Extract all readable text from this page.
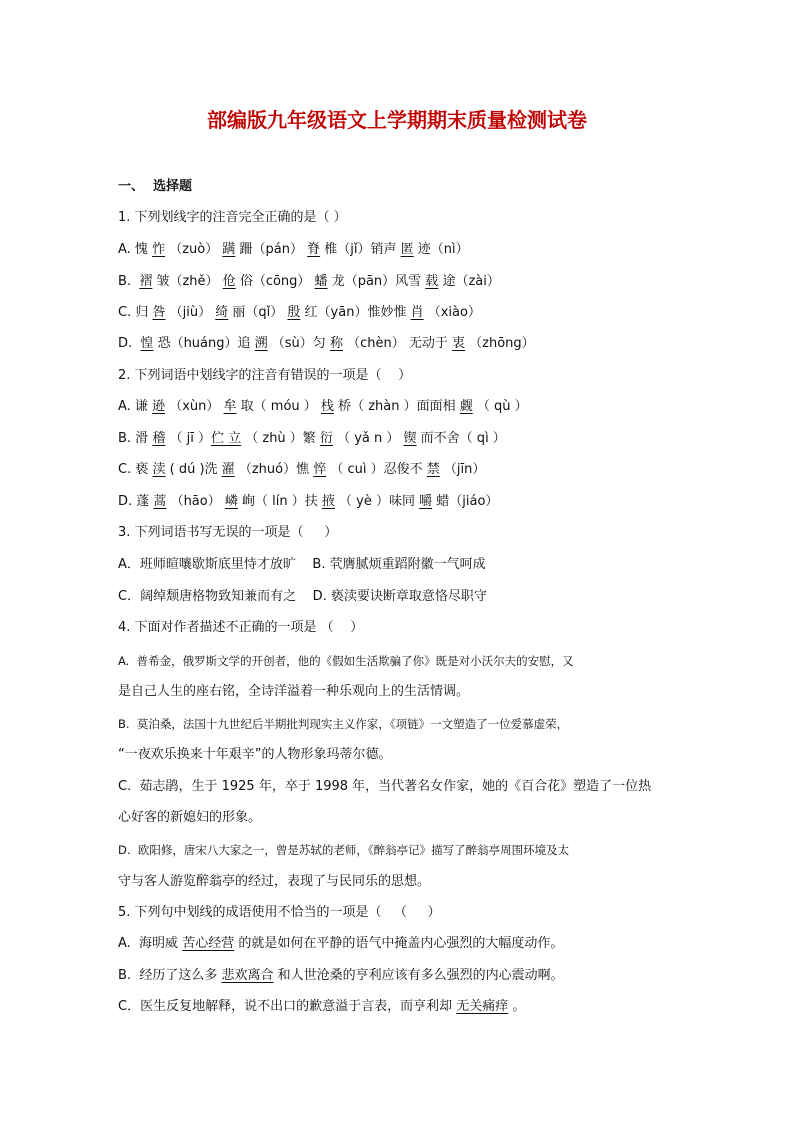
部编版九年级语文上学期期末质量检测试卷
一、  选择题
1. 下列划线字的注音完全正确的是（ ）
A. 愧 怍 （zuò） 蹒 跚（pán） 脊 椎（jǐ）销声 匿 迹（nì）
B.  褶 皱（zhě） 伧 俗（cōng） 蟠 龙（pān）风雪 载 途（zài）
C. 归 咎 （jiù） 绮 丽（qǐ） 殷 红（yān）惟妙惟 肖 （xiào）
D.  惶 恐（huáng）追 溯 （sù）匀 称 （chèn） 无动于 衷 （zhōng）
2. 下列词语中划线字的注音有错误的一项是（    ）
A. 谦 逊 （xùn） 牟 取（ móu ） 栈 桥（ zhàn ）面面相 觑 （ qù ）
B. 滑 稽 （ jī ）伫 立 （ zhù ）繁 衍 （ yǎ n ） 锲 而不舍（ qì ）
C. 亵 渎 ( dú )洗 濯 （zhuó）憔 悴 （ cuì ）忍俊不 禁 （jīn）
D. 蓬 蒿 （hāo） 嶙 峋（ lín ）扶 掖 （ yè ）味同 嚼 蜡（jiáo）
3. 下列词语书写无误的一项是（     ）
A．班师暄嚷歇斯底里恃才放旷    B. 茕膺腻烦重蹈附徽一气呵成
C．阔绰颓唐格物致知兼而有之    D. 亵渎要诀断章取意恪尽职守
4. 下面对作者描述不正确的一项是 （    ）
A.  普希金，俄罗斯文学的开创者，他的《假如生活欺骗了你》既是对小沃尔夫的安慰，又
是自己人生的座右铭，全诗洋溢着一种乐观向上的生活情调。
B.  莫泊桑，法国十九世纪后半期批判现实主义作家，《项链》一文塑造了一位爱慕虚荣，
“一夜欢乐换来十年艰辛”的人物形象玛蒂尔德。
C.  茹志鹃，生于 1925 年，卒于 1998 年，当代著名女作家，她的《百合花》塑造了一位热
心好客的新媳妇的形象。
D.  欧阳修，唐宋八大家之一，曾是苏轼的老师，《醉翁亭记》描写了醉翁亭周围环境及太
守与客人游览醉翁亭的经过，表现了与民同乐的思想。
5. 下列句中划线的成语使用不恰当的一项是（   （     ）
A.  海明威 苦心经营 的就是如何在平静的语气中掩盖内心强烈的大幅度动作。
B.  经历了这么多 悲欢离合 和人世沧桑的亨利应该有多么强烈的内心震动啊。
C．医生反复地解释，说不出口的歉意溢于言表，而亨利却 无关痛痒 。
